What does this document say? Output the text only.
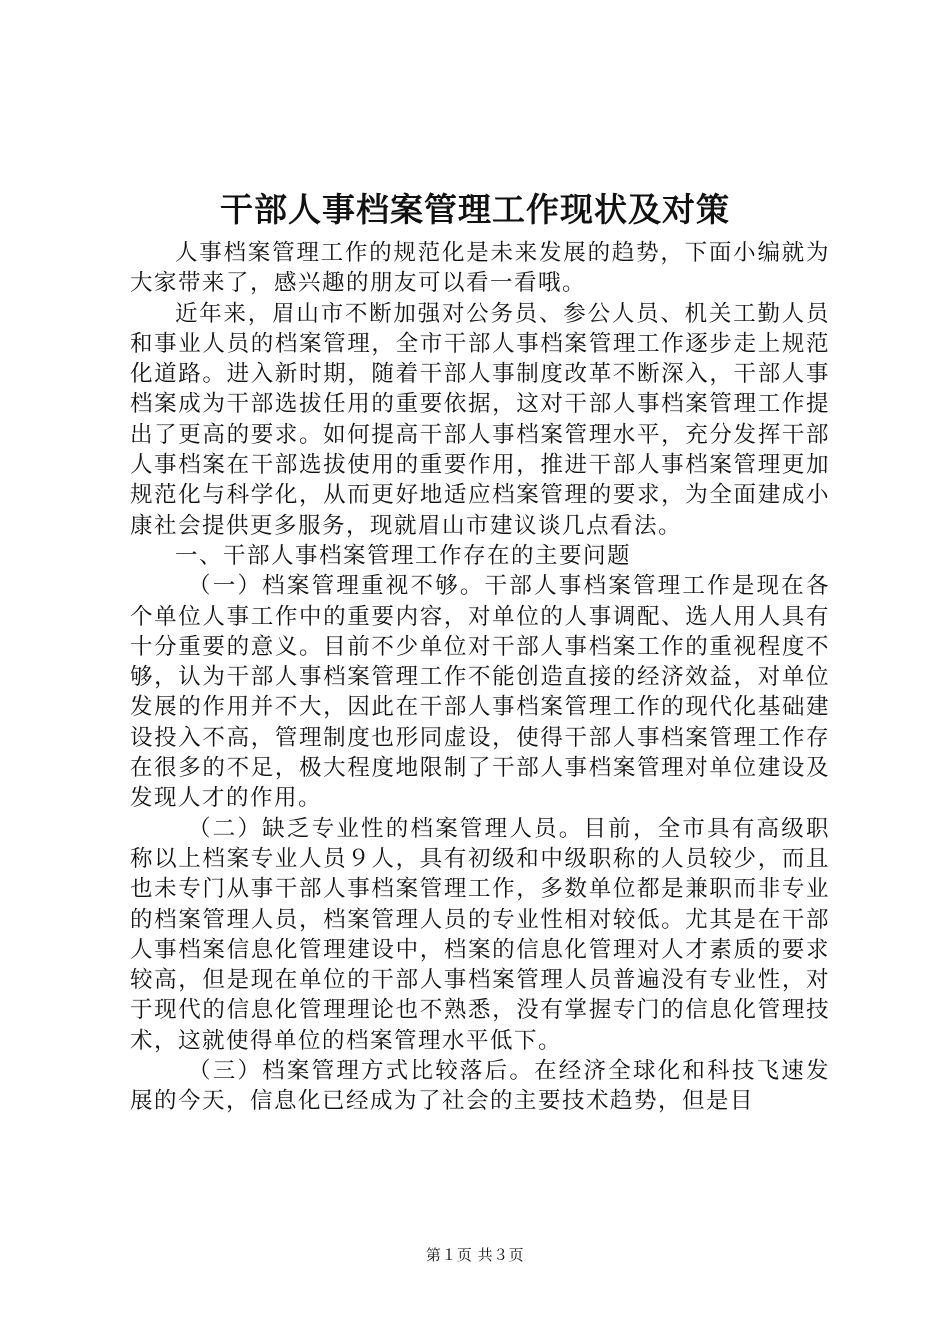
干部人事档案管理工作现状及对策

人事档案管理工作的规范化是未来发展的趋势，下面小编就为大家带来了，感兴趣的朋友可以看一看哦。

近年来，眉山市不断加强对公务员、参公人员、机关工勤人员和事业人员的档案管理，全市干部人事档案管理工作逐步走上规范化道路。进入新时期，随着干部人事制度改革不断深入，干部人事档案成为干部选拔任用的重要依据，这对干部人事档案管理工作提出了更高的要求。如何提高干部人事档案管理水平，充分发挥干部人事档案在干部选拔使用的重要作用，推进干部人事档案管理更加规范化与科学化，从而更好地适应档案管理的要求，为全面建成小康社会提供更多服务，现就眉山市建议谈几点看法。

一、干部人事档案管理工作存在的主要问题

（一）档案管理重视不够。干部人事档案管理工作是现在各个单位人事工作中的重要内容，对单位的人事调配、选人用人具有十分重要的意义。目前不少单位对干部人事档案工作的重视程度不够，认为干部人事档案管理工作不能创造直接的经济效益，对单位发展的作用并不大，因此在干部人事档案管理工作的现代化基础建设投入不高，管理制度也形同虚设，使得干部人事档案管理工作存在很多的不足，极大程度地限制了干部人事档案管理对单位建设及发现人才的作用。

（二）缺乏专业性的档案管理人员。目前，全市具有高级职称以上档案专业人员９人，具有初级和中级职称的人员较少，而且也未专门从事干部人事档案管理工作，多数单位都是兼职而非专业的档案管理人员，档案管理人员的专业性相对较低。尤其是在干部人事档案信息化管理建设中，档案的信息化管理对人才素质的要求较高，但是现在单位的干部人事档案管理人员普遍没有专业性，对于现代的信息化管理理论也不熟悉，没有掌握专门的信息化管理技术，这就使得单位的档案管理水平低下。

（三）档案管理方式比较落后。在经济全球化和科技飞速发展的今天，信息化已经成为了社会的主要技术趋势，但是目

第１页 共３页
